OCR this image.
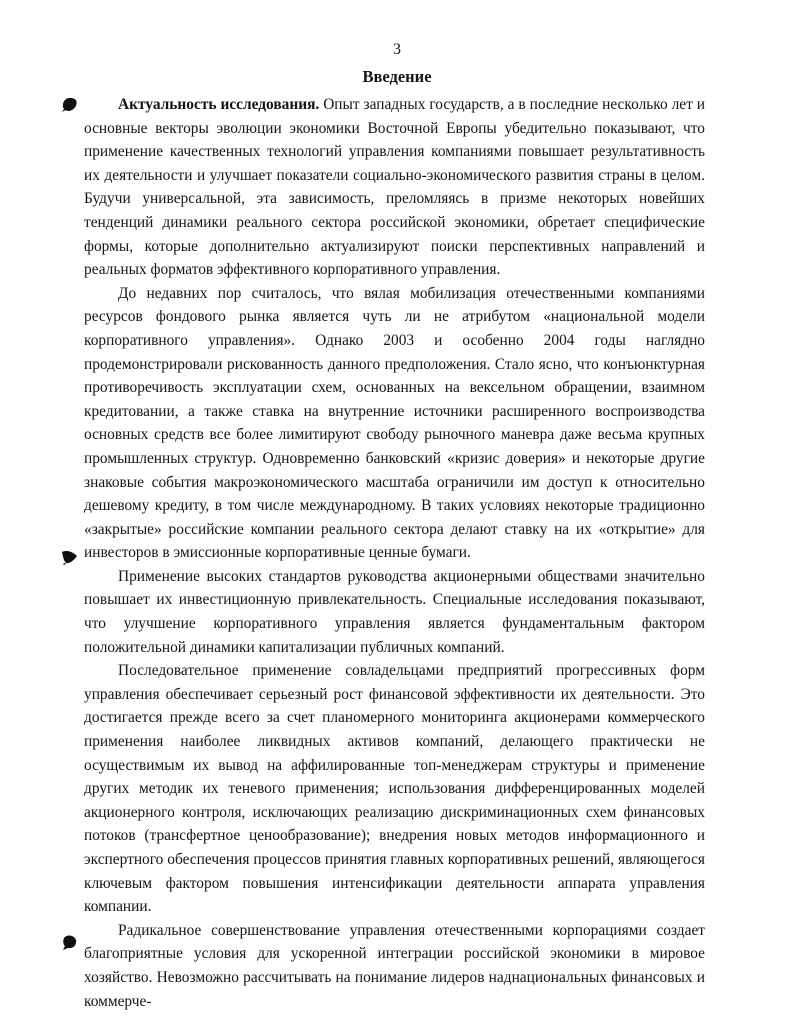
3
Введение

Актуальность исследования. Опыт западных государств, а в последние несколько лет и основные векторы эволюции экономики Восточной Европы убедительно показывают, что применение качественных технологий управления компаниями повышает результативность их деятельности и улучшает показатели социально-экономического развития страны в целом. Будучи универсальной, эта зависимость, преломляясь в призме некоторых новейших тенденций динамики реального сектора российской экономики, обретает специфические формы, которые дополнительно актуализируют поиски перспективных направлений и реальных форматов эффективного корпоративного управления.

До недавних пор считалось, что вялая мобилизация отечественными компаниями ресурсов фондового рынка является чуть ли не атрибутом «национальной модели корпоративного управления». Однако 2003 и особенно 2004 годы наглядно продемонстрировали рискованность данного предположения. Стало ясно, что конъюнктурная противоречивость эксплуатации схем, основанных на вексельном обращении, взаимном кредитовании, а также ставка на внутренние источники расширенного воспроизводства основных средств все более лимитируют свободу рыночного маневра даже весьма крупных промышленных структур. Одновременно банковский «кризис доверия» и некоторые другие знаковые события макроэкономического масштаба ограничили им доступ к относительно дешевому кредиту, в том числе международному. В таких условиях некоторые традиционно «закрытые» российские компании реального сектора делают ставку на их «открытие» для инвесторов в эмиссионные корпоративные ценные бумаги.

Применение высоких стандартов руководства акционерными обществами значительно повышает их инвестиционную привлекательность. Специальные исследования показывают, что улучшение корпоративного управления является фундаментальным фактором положительной динамики капитализации публичных компаний.

Последовательное применение совладельцами предприятий прогрессивных форм управления обеспечивает серьезный рост финансовой эффективности их деятельности. Это достигается прежде всего за счет планомерного мониторинга акционерами коммерческого применения наиболее ликвидных активов компаний, делающего практически не осуществимым их вывод на аффилированные топ-менеджерам структуры и применение других методик их теневого применения; использования дифференцированных моделей акционерного контроля, исключающих реализацию дискриминационных схем финансовых потоков (трансфертное ценообразование); внедрения новых методов информационного и экспертного обеспечения процессов принятия главных корпоративных решений, являющегося ключевым фактором повышения интенсификации деятельности аппарата управления компании.

Радикальное совершенствование управления отечественными корпорациями создает благоприятные условия для ускоренной интеграции российской экономики в мировое хозяйство. Невозможно рассчитывать на понимание лидеров наднациональных финансовых и коммерче-
